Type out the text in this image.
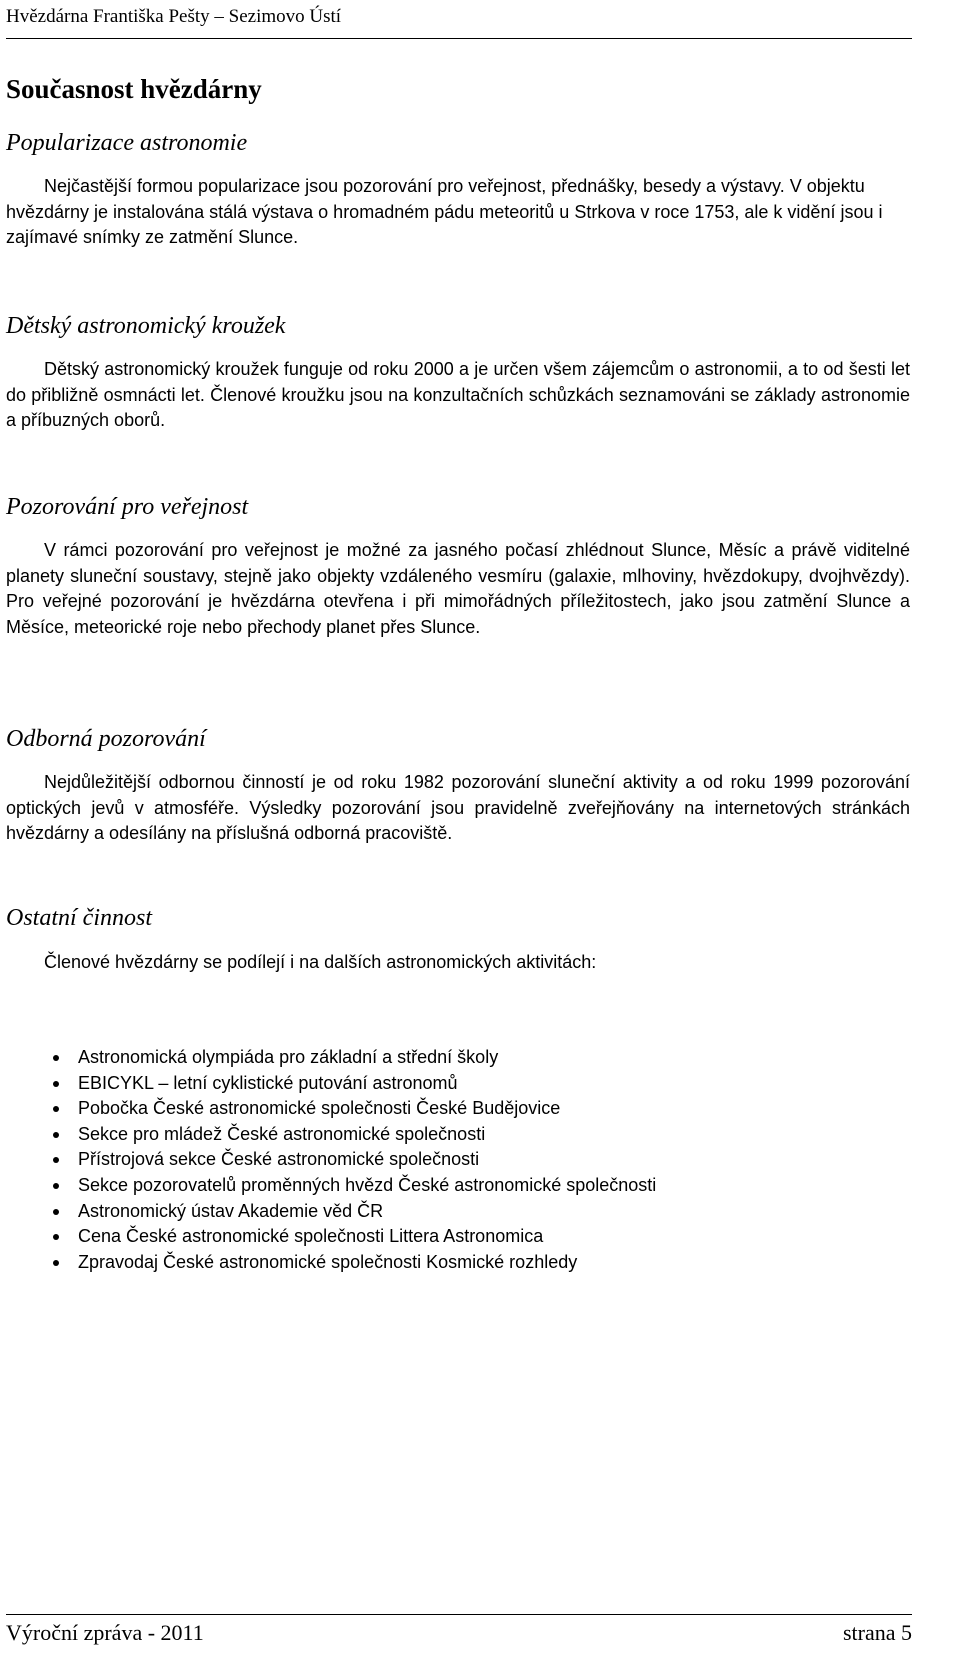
Hvězdárna Františka Pešty – Sezimovo Ústí
Současnost hvězdárny
Popularizace astronomie

Nejčastější formou popularizace jsou pozorování pro veřejnost, přednášky, besedy a výstavy. V objektu hvězdárny je instalována stálá výstava o hromadném pádu meteoritů u Strkova v roce 1753, ale k vidění jsou i zajímavé snímky ze zatmění Slunce.

Dětský astronomický kroužek

Dětský astronomický kroužek funguje od roku 2000 a je určen všem zájemcům o astronomii, a to od šesti let do přibližně osmnácti let. Členové kroužku jsou na konzultačních schůzkách seznamováni se základy astronomie a příbuzných oborů.

Pozorování pro veřejnost

V rámci pozorování pro veřejnost je možné za jasného počasí zhlédnout Slunce, Měsíc a právě viditelné planety sluneční soustavy, stejně jako objekty vzdáleného vesmíru (galaxie, mlhoviny, hvězdokupy, dvojhvězdy). Pro veřejné pozorování je hvězdárna otevřena i při mimořádných příležitostech, jako jsou zatmění Slunce a Měsíce, meteorické roje nebo přechody planet přes Slunce.

Odborná pozorování

Nejdůležitější odbornou činností je od roku 1982 pozorování sluneční aktivity a od roku 1999 pozorování optických jevů v atmosféře. Výsledky pozorování jsou pravidelně zveřejňovány na internetových stránkách hvězdárny a odesílány na příslušná odborná pracoviště.

Ostatní činnost

Členové hvězdárny se podílejí i na dalších astronomických aktivitách:

Astronomická olympiáda pro základní a střední školy
EBICYKL – letní cyklistické putování astronomů
Pobočka České astronomické společnosti České Budějovice
Sekce pro mládež České astronomické společnosti
Přístrojová sekce České astronomické společnosti
Sekce pozorovatelů proměnných hvězd České astronomické společnosti
Astronomický ústav Akademie věd ČR
Cena České astronomické společnosti Littera Astronomica
Zpravodaj České astronomické společnosti Kosmické rozhledy
Výroční zpráva - 2011	strana 5
